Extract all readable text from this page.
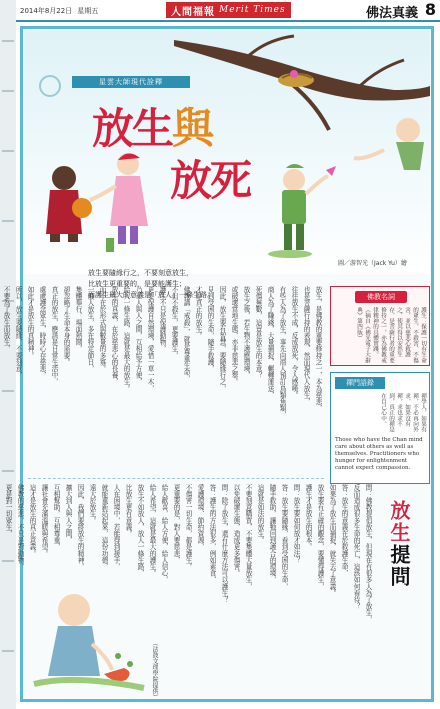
2014年8月22日 星期五	人間福報 Merit Times	佛法真義 8
星雲大師現代詮釋
放生與
放死
圖／游智光（Jack Yu）繪
放生要隨緣行之，不要刻意放生，
比放生更重要的，是要能護生；
而護生最大的意義是「放人」一條生路。	放生，是佛教的重要修持之一，本為慈悲，
也是菩薩行持的表現，然而現代人放生，
往往放生不成，反成放死，令人感嘆。
有些人為了放生，事先向商人預訂鳥類魚類，
商人為了賺錢，大量捕捉，輾轉運送，
死傷無數，這豈是放生的本意？
放生之後，若生物不適應環境，
或破壞當地生態，亦非慈悲之舉。
因此，放生要有智慧，要隨緣行之，
見到受困的生命，隨手救護，
才是真正的放生。
佛教講「戒殺」，就是尊重生命，
不但不殺生，更要護生，
護生不只是保護動物，
更要保護自然環境，愛惜一草一木，
乃至人與人之間，互相給予方便，
給人一條生路，這就是最大的放生。
放生的真義，在於慈悲心的長養，
而不在於形式與數量的多寡。
一般人放生，多在特定節日，
集體舉行，場面熱鬧，
卻忽略了生命本身的需要。
真正的放生，應該是日常生活中，
處處護念眾生，時時心存慈悲，
如此才是放生的真精神。
所以，放生要隨緣，不要刻意，
不要為了放生而放生，	佛教名詞
護生：保護一切有生命的眾生，不殺害、不傷害，並以慈悲心救護之，使其得以安然生存，是菩薩行者的重要修持之一，亦為佛教戒律精神的具體實踐。（摘自《佛光電子大辭典》第四版）
禪門語錄
禪學人，如果有禪，不必再向外求，如果沒有禪，求也求不到，真正的禪是在自己心中。
Those who have the Chan mind care about others as well as themselves. Practitioners who hunger for enlightenment cannot expect compassion.
問：佛教提倡放生，但現在有很多人為了放生，
反而造成很多生命的死亡，這該如何看待？
答：放生的意義在於救護生命，
如果為了放生而捕捉，就失去了意義。
放生要有正確的觀念，要懂得護生，
護生才是放生的根本。
問：放生要如何放才如法？
答：放生要隨緣，看到受困的生命，
隨手救助，讓牠回到適合的環境，
這就是如法的放生。
不要刻意購買，不要集體大量放生，
以免破壞生態，造成更多傷害。
問：除了放生，還有什麼方法可以護生？
答：護生的方法很多，例如素食、
愛護環境、節約資源，
不傷害一切生命，都是護生。
更重要的是，對人要慈悲，
給人歡喜，給人方便，給人信心，
給人希望，這就是最大的護生。
放生不如放人，放人一條生路，
比放生更有意義。
人在困境中，若能得到援手，
就能重新站起來，這份功德，
遠大於放生。
因此，我們要將放生的精神，
擴大到人與人之間，
互相幫助，互相尊重，
讓社會充滿溫暖與希望。
這才是放生的真正意義。
佛教的慈悲，不只是對動物，
更是對一切眾生，
（法鼓文理學院提供）
放生提問
